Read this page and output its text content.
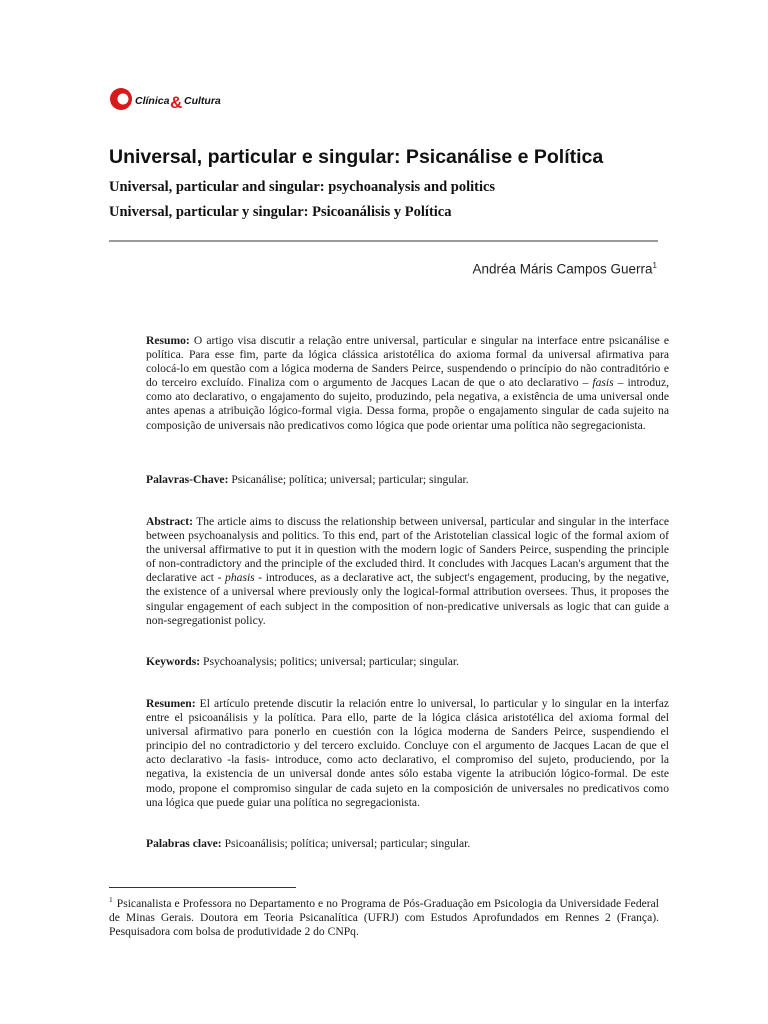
Clínica & Cultura
Universal, particular e singular: Psicanálise e Política

Universal, particular and singular: psychoanalysis and politics

Universal, particular y singular: Psicoanálisis y Política

Andréa Máris Campos Guerra$^1$

Resumo: O artigo visa discutir a relação entre universal, particular e singular na interface entre psicanálise e política. Para esse fim, parte da lógica clássica aristotélica do axioma formal da universal afirmativa para colocá-lo em questão com a lógica moderna de Sanders Peirce, suspendendo o princípio do não contraditório e do terceiro excluído. Finaliza com o argumento de Jacques Lacan de que o ato declarativo – fasis – introduz, como ato declarativo, o engajamento do sujeito, produzindo, pela negativa, a existência de uma universal onde antes apenas a atribuição lógico-formal vigia. Dessa forma, propõe o engajamento singular de cada sujeito na composição de universais não predicativos como lógica que pode orientar uma política não segregacionista.

Palavras-Chave: Psicanálise; política; universal; particular; singular.

Abstract: The article aims to discuss the relationship between universal, particular and singular in the interface between psychoanalysis and politics. To this end, part of the Aristotelian classical logic of the formal axiom of the universal affirmative to put it in question with the modern logic of Sanders Peirce, suspending the principle of non-contradictory and the principle of the excluded third. It concludes with Jacques Lacan's argument that the declarative act - phasis - introduces, as a declarative act, the subject's engagement, producing, by the negative, the existence of a universal where previously only the logical-formal attribution oversees. Thus, it proposes the singular engagement of each subject in the composition of non-predicative universals as logic that can guide a non-segregationist policy.

Keywords: Psychoanalysis; politics; universal; particular; singular.

Resumen: El artículo pretende discutir la relación entre lo universal, lo particular y lo singular en la interfaz entre el psicoanálisis y la política. Para ello, parte de la lógica clásica aristotélica del axioma formal del universal afirmativo para ponerlo en cuestión con la lógica moderna de Sanders Peirce, suspendiendo el principio del no contradictorio y del tercero excluido. Concluye con el argumento de Jacques Lacan de que el acto declarativo -la fasis- introduce, como acto declarativo, el compromiso del sujeto, produciendo, por la negativa, la existencia de un universal donde antes sólo estaba vigente la atribución lógico-formal. De este modo, propone el compromiso singular de cada sujeto en la composición de universales no predicativos como una lógica que puede guiar una política no segregacionista.

Palabras clave: Psicoanálisis; política; universal; particular; singular.

$^1$ Psicanalista e Professora no Departamento e no Programa de Pós-Graduação em Psicologia da Universidade Federal de Minas Gerais. Doutora em Teoria Psicanalítica (UFRJ) com Estudos Aprofundados em Rennes 2 (França). Pesquisadora com bolsa de produtividade 2 do CNPq.
